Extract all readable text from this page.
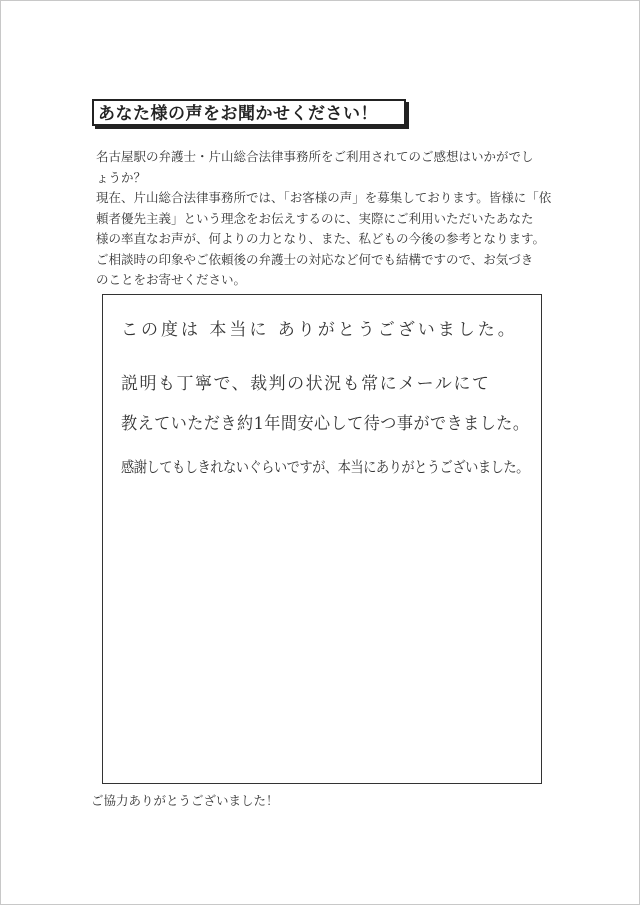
あなた様の声をお聞かせください！

名古屋駅の弁護士・片山総合法律事務所をご利用されてのご感想はいかがでし

ょうか？

現在、片山総合法律事務所では、「お客様の声」を募集しております。皆様に「依

頼者優先主義」という理念をお伝えするのに、実際にご利用いただいたあなた

様の率直なお声が、何よりの力となり、また、私どもの今後の参考となります。

ご相談時の印象やご依頼後の弁護士の対応など何でも結構ですので、お気づき

のことをお寄せください。

この度は 本当に ありがとうございました。
説明も丁寧で、裁判の状況も常にメールにて
教えていただき約1年間安心して待つ事ができました。
感謝してもしきれないぐらいですが、本当にありがとうございました。
ご協力ありがとうございました！
